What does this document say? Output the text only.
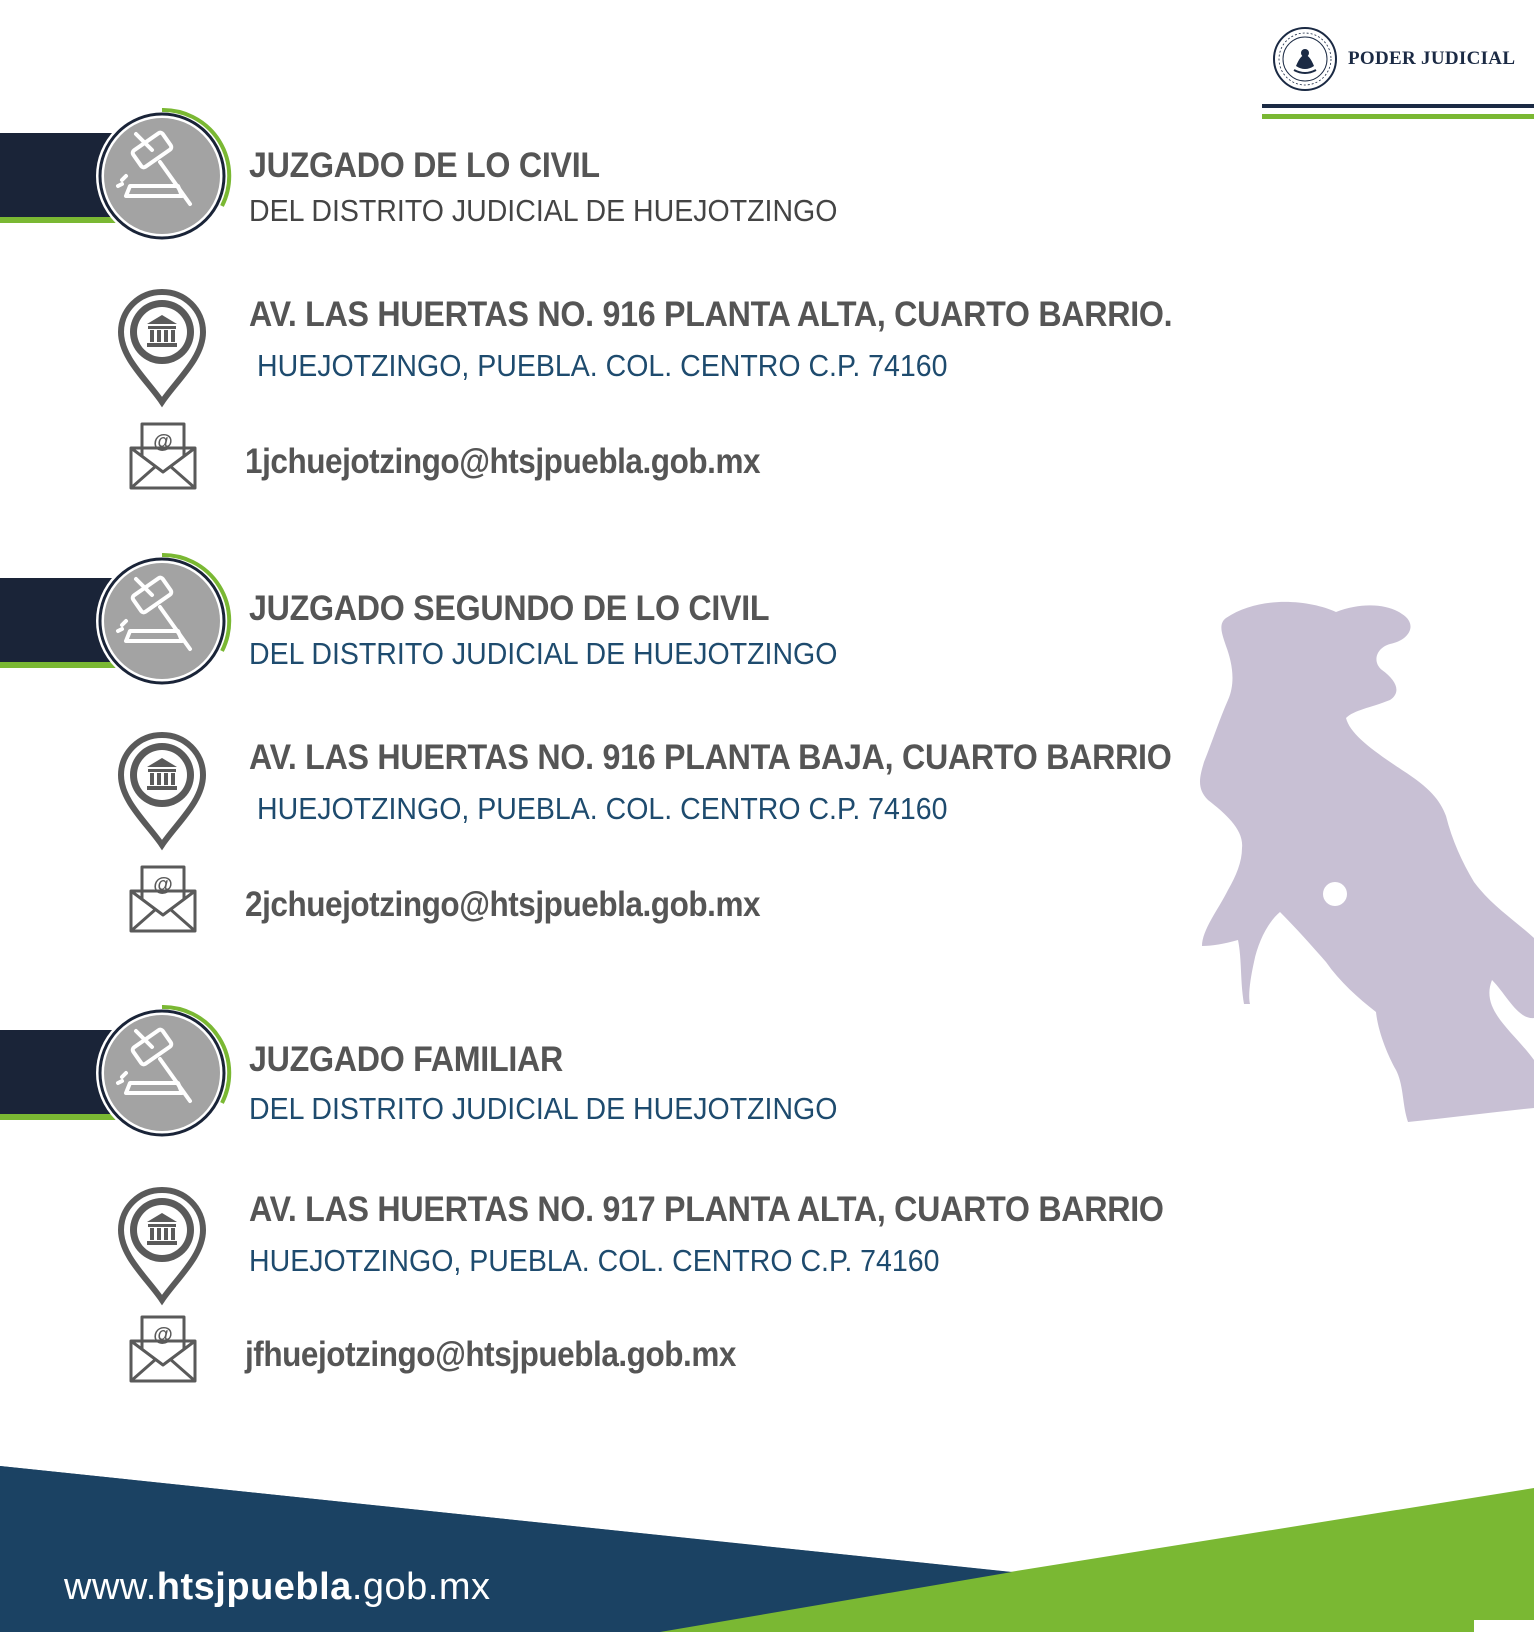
PODER JUDICIAL
JUZGADO DE LO CIVIL
DEL DISTRITO JUDICIAL DE HUEJOTZINGO
AV. LAS HUERTAS NO. 916 PLANTA ALTA, CUARTO BARRIO.
HUEJOTZINGO, PUEBLA. COL. CENTRO C.P. 74160
@ 1jchuejotzingo@htsjpuebla.gob.mx
JUZGADO SEGUNDO DE LO CIVIL
DEL DISTRITO JUDICIAL DE HUEJOTZINGO
AV. LAS HUERTAS NO. 916 PLANTA BAJA, CUARTO BARRIO
HUEJOTZINGO, PUEBLA. COL. CENTRO C.P. 74160
@ 2jchuejotzingo@htsjpuebla.gob.mx
JUZGADO FAMILIAR
DEL DISTRITO JUDICIAL DE HUEJOTZINGO
AV. LAS HUERTAS NO. 917 PLANTA ALTA, CUARTO BARRIO
HUEJOTZINGO, PUEBLA. COL. CENTRO C.P. 74160
@ jfhuejotzingo@htsjpuebla.gob.mx
www.htsjpuebla.gob.mx
